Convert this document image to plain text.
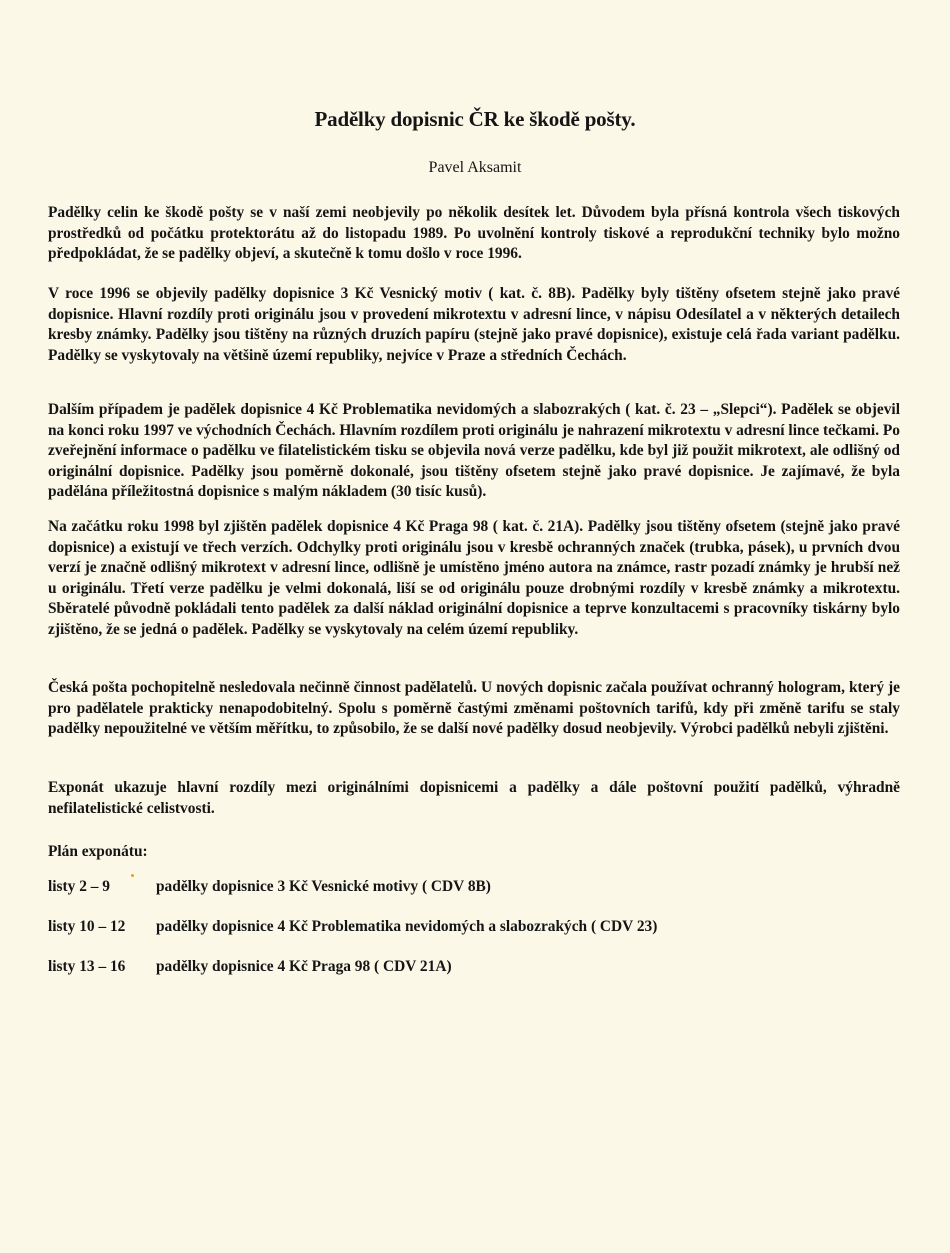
Padělky dopisnic ČR ke škodě pošty.
Pavel Aksamit

Padělky celin ke škodě pošty se v naší zemi neobjevily po několik desítek let. Důvodem byla přísná kontrola všech tiskových prostředků od počátku protektorátu až do listopadu 1989. Po uvolnění kontroly tiskové a reprodukční techniky bylo možno předpokládat, že se padělky objeví, a skutečně k tomu došlo v roce 1996.

V roce 1996 se objevily padělky dopisnice 3 Kč Vesnický motiv ( kat. č. 8B). Padělky byly tištěny ofsetem stejně jako pravé dopisnice. Hlavní rozdíly proti originálu jsou v provedení mikrotextu v adresní lince, v nápisu Odesílatel a v některých detailech kresby známky. Padělky jsou tištěny na různých druzích papíru (stejně jako pravé dopisnice), existuje celá řada variant padělku. Padělky se vyskytovaly na většině území republiky, nejvíce v Praze a středních Čechách.

Dalším případem je padělek dopisnice 4 Kč Problematika nevidomých a slabozrakých ( kat. č. 23 – „Slepci“). Padělek se objevil na konci roku 1997 ve východních Čechách. Hlavním rozdílem proti originálu je nahrazení mikrotextu v adresní lince tečkami. Po zveřejnění informace o padělku ve filatelistickém tisku se objevila nová verze padělku, kde byl již použit mikrotext, ale odlišný od originální dopisnice. Padělky jsou poměrně dokonalé, jsou tištěny ofsetem stejně jako pravé dopisnice. Je zajímavé, že byla padělána příležitostná dopisnice s malým nákladem (30 tisíc kusů).

Na začátku roku 1998 byl zjištěn padělek dopisnice 4 Kč Praga 98 ( kat. č. 21A). Padělky jsou tištěny ofsetem (stejně jako pravé dopisnice) a existují ve třech verzích. Odchylky proti originálu jsou v kresbě ochranných značek (trubka, pásek), u prvních dvou verzí je značně odlišný mikrotext v adresní lince, odlišně je umístěno jméno autora na známce, rastr pozadí známky je hrubší než u originálu. Třetí verze padělku je velmi dokonalá, liší se od originálu pouze drobnými rozdíly v kresbě známky a mikrotextu. Sběratelé původně pokládali tento padělek za další náklad originální dopisnice a teprve konzultacemi s pracovníky tiskárny bylo zjištěno, že se jedná o padělek. Padělky se vyskytovaly na celém území republiky.

Česká pošta pochopitelně nesledovala nečinně činnost padělatelů. U nových dopisnic začala používat ochranný hologram, který je pro padělatele prakticky nenapodobitelný. Spolu s poměrně častými změnami poštovních tarifů, kdy při změně tarifu se staly padělky nepoužitelné ve větším měřítku, to způsobilo, že se další nové padělky dosud neobjevily. Výrobci padělků nebyli zjištěni.

Exponát ukazuje hlavní rozdíly mezi originálními dopisnicemi a padělky a dále poštovní použití padělků, výhradně nefilatelistické celistvosti.

Plán exponátu:
listy 2 – 9	padělky dopisnice 3 Kč Vesnické motivy ( CDV 8B)
listy 10 – 12	padělky dopisnice 4 Kč Problematika nevidomých a slabozrakých ( CDV 23)
listy 13 – 16	padělky dopisnice 4 Kč Praga 98 ( CDV 21A)
